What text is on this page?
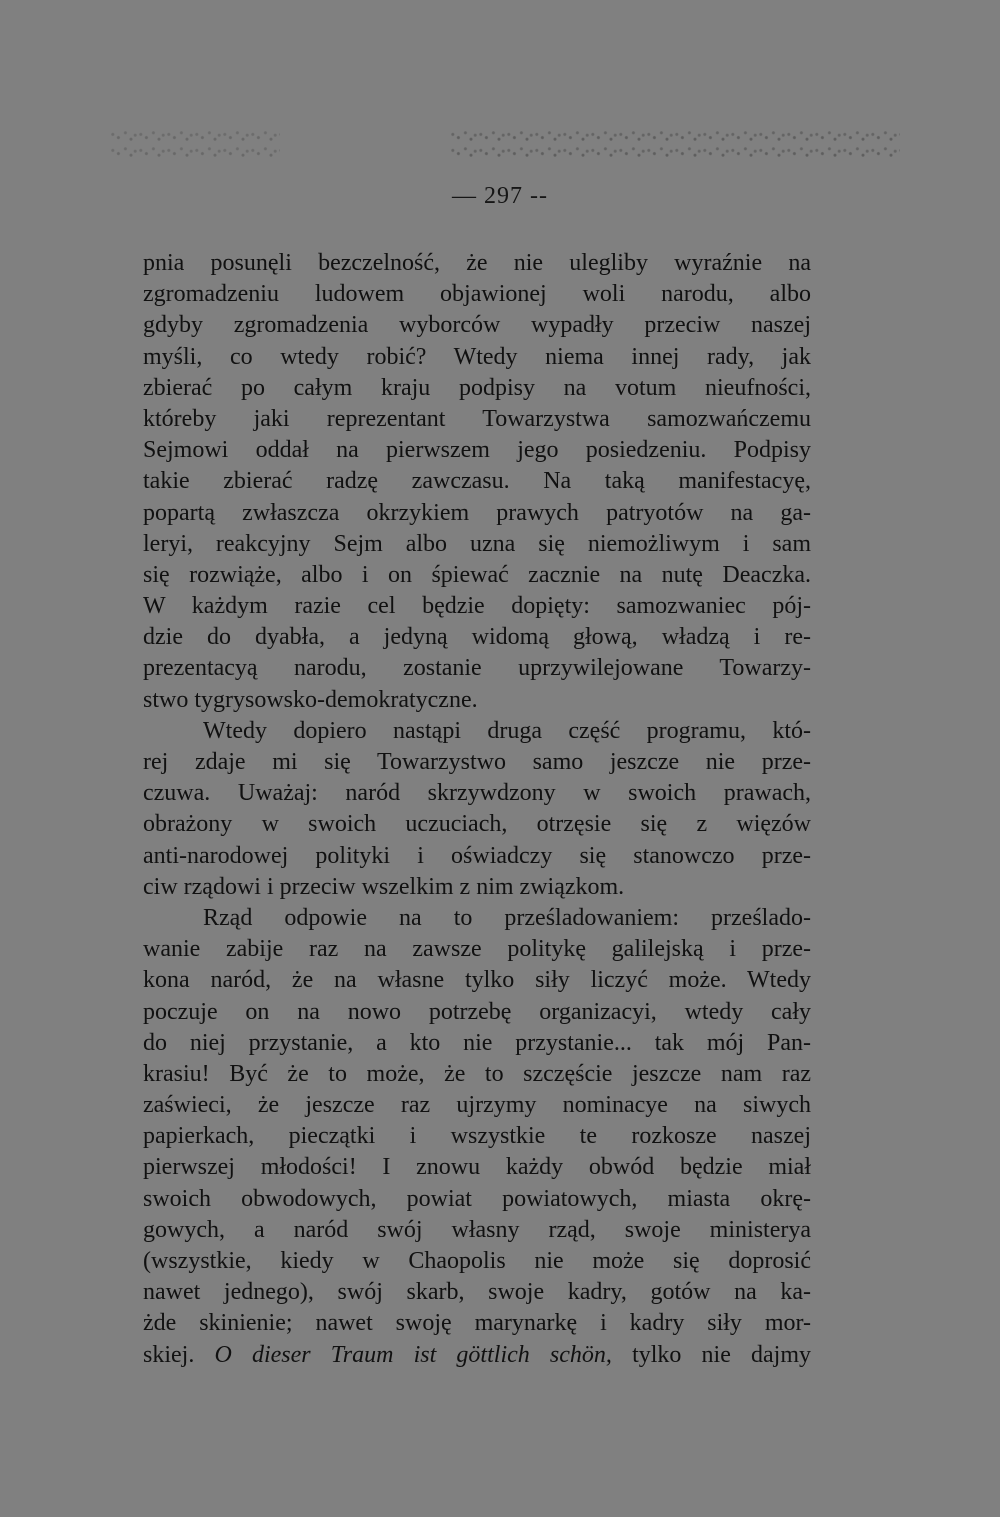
— 297 --
pnia posunęli bezczelność, że nie ulegliby wyraźnie na
zgromadzeniu ludowem objawionej woli narodu, albo
gdyby zgromadzenia wyborców wypadły przeciw naszej
myśli, co wtedy robić? Wtedy niema innej rady, jak
zbierać po całym kraju podpisy na votum nieufności,
któreby jaki reprezentant Towarzystwa samozwańczemu
Sejmowi oddał na pierwszem jego posiedzeniu. Podpisy
takie zbierać radzę zawczasu. Na taką manifestacyę,
popartą zwłaszcza okrzykiem prawych patryotów na ga-
leryi, reakcyjny Sejm albo uzna się niemożliwym i sam
się rozwiąże, albo i on śpiewać zacznie na nutę Deaczka.
W każdym razie cel będzie dopięty: samozwaniec pój-
dzie do dyabła, a jedyną widomą głową, władzą i re-
prezentacyą narodu, zostanie uprzywilejowane Towarzy-
stwo tygrysowsko-demokratyczne.
Wtedy dopiero nastąpi druga część programu, któ-
rej zdaje mi się Towarzystwo samo jeszcze nie prze-
czuwa. Uważaj: naród skrzywdzony w swoich prawach,
obrażony w swoich uczuciach, otrzęsie się z więzów
anti-narodowej polityki i oświadczy się stanowczo prze-
ciw rządowi i przeciw wszelkim z nim związkom.
Rząd odpowie na to prześladowaniem: prześlado-
wanie zabije raz na zawsze politykę galilejską i prze-
kona naród, że na własne tylko siły liczyć może. Wtedy
poczuje on na nowo potrzebę organizacyi, wtedy cały
do niej przystanie, a kto nie przystanie... tak mój Pan-
krasiu! Być że to może, że to szczęście jeszcze nam raz
zaświeci, że jeszcze raz ujrzymy nominacye na siwych
papierkach, pieczątki i wszystkie te rozkosze naszej
pierwszej młodości! I znowu każdy obwód będzie miał
swoich obwodowych, powiat powiatowych, miasta okrę-
gowych, a naród swój własny rząd, swoje ministerya
(wszystkie, kiedy w Chaopolis nie może się doprosić
nawet jednego), swój skarb, swoje kadry, gotów na ka-
żde skinienie; nawet swoję marynarkę i kadry siły mor-
skiej. O dieser Traum ist göttlich schön, tylko nie dajmy
